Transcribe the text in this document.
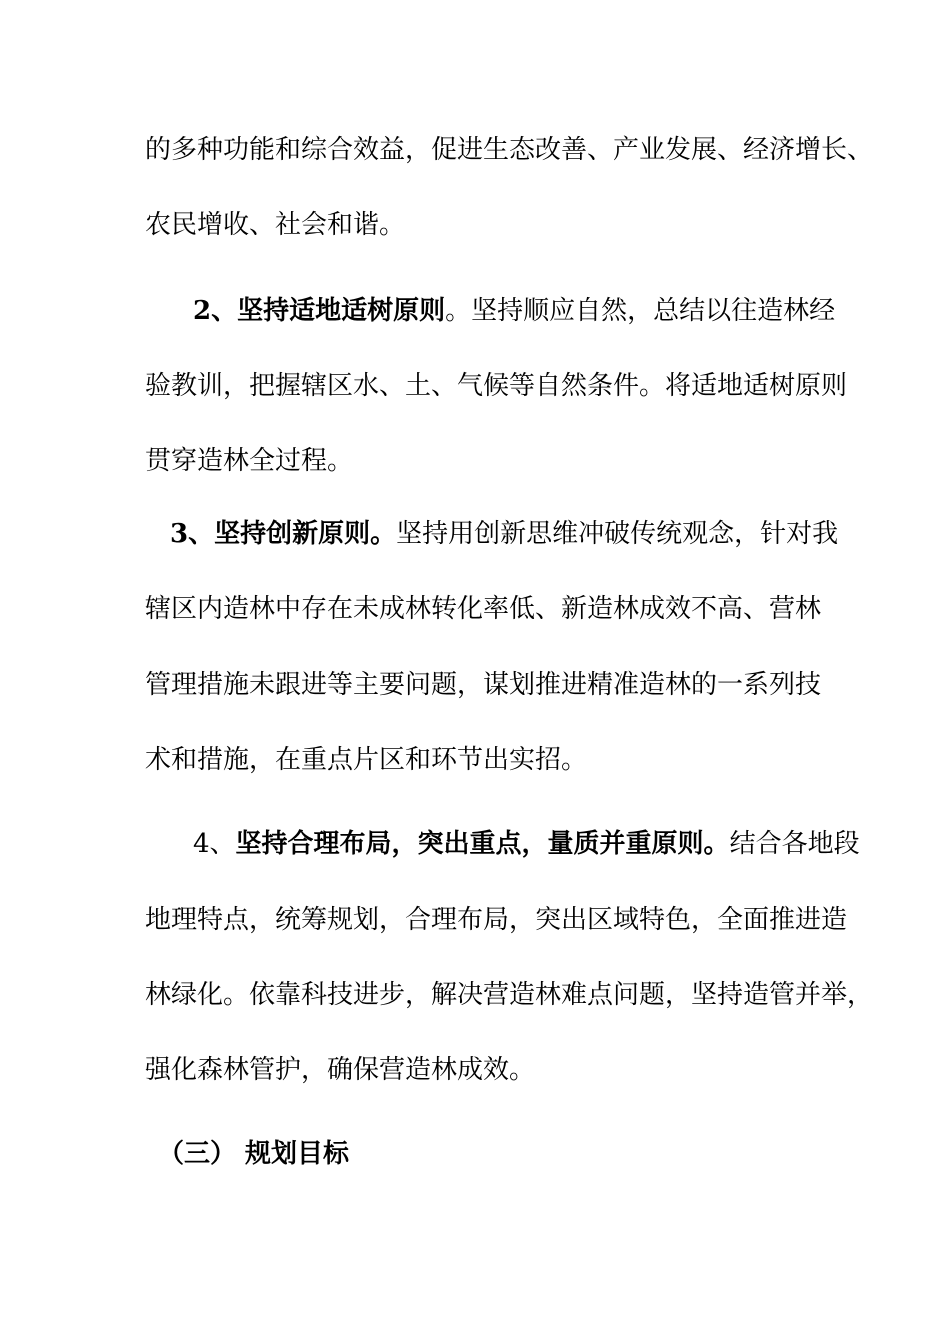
的多种功能和综合效益，促进生态改善、产业发展、经济增长、
农民增收、社会和谐。
2、坚持适地适树原则。坚持顺应自然，总结以往造林经
验教训，把握辖区水、土、气候等自然条件。将适地适树原则
贯穿造林全过程。
3、坚持创新原则。坚持用创新思维冲破传统观念，针对我
辖区内造林中存在未成林转化率低、新造林成效不高、营林
管理措施未跟进等主要问题，谋划推进精准造林的一系列技
术和措施，在重点片区和环节出实招。
4、坚持合理布局，突出重点，量质并重原则。结合各地段
地理特点，统筹规划，合理布局，突出区域特色，全面推进造
林绿化。依靠科技进步，解决营造林难点问题，坚持造管并举，
强化森林管护，确保营造林成效。
（三） 规划目标
